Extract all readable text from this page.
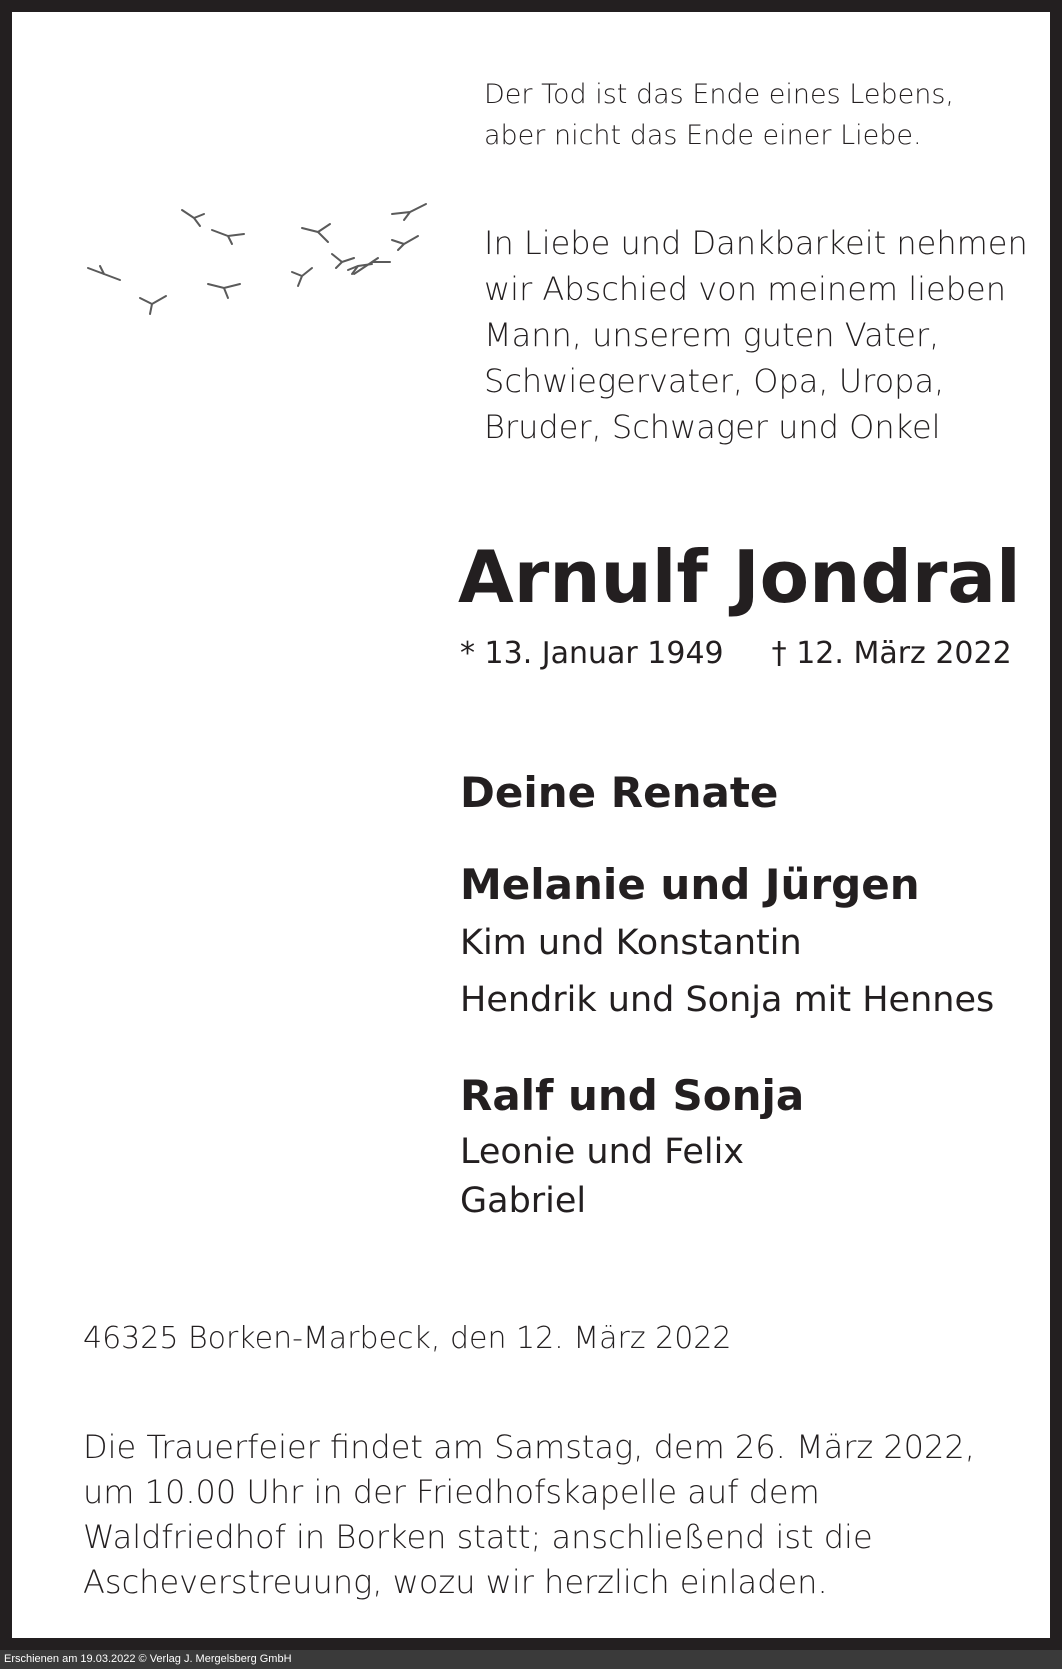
Der Tod ist das Ende eines Lebens,
aber nicht das Ende einer Liebe.
In Liebe und Dankbarkeit nehmen
wir Abschied von meinem lieben
Mann, unserem guten Vater,
Schwiegervater, Opa, Uropa,
Bruder, Schwager und Onkel
Arnulf Jondral
* 13. Januar 1949 † 12. März 2022
Deine Renate
Melanie und Jürgen
Kim und Konstantin
Hendrik und Sonja mit Hennes
Ralf und Sonja
Leonie und Felix
Gabriel
46325 Borken-Marbeck, den 12. März 2022

Die Trauerfeier findet am Samstag, dem 26. März 2022, um 10.00 Uhr in der Friedhofskapelle auf dem Waldfriedhof in Borken statt; anschließend ist die Ascheverstreuung, wozu wir herzlich einladen.

Erschienen am 19.03.2022 © Verlag J. Mergelsberg GmbH
